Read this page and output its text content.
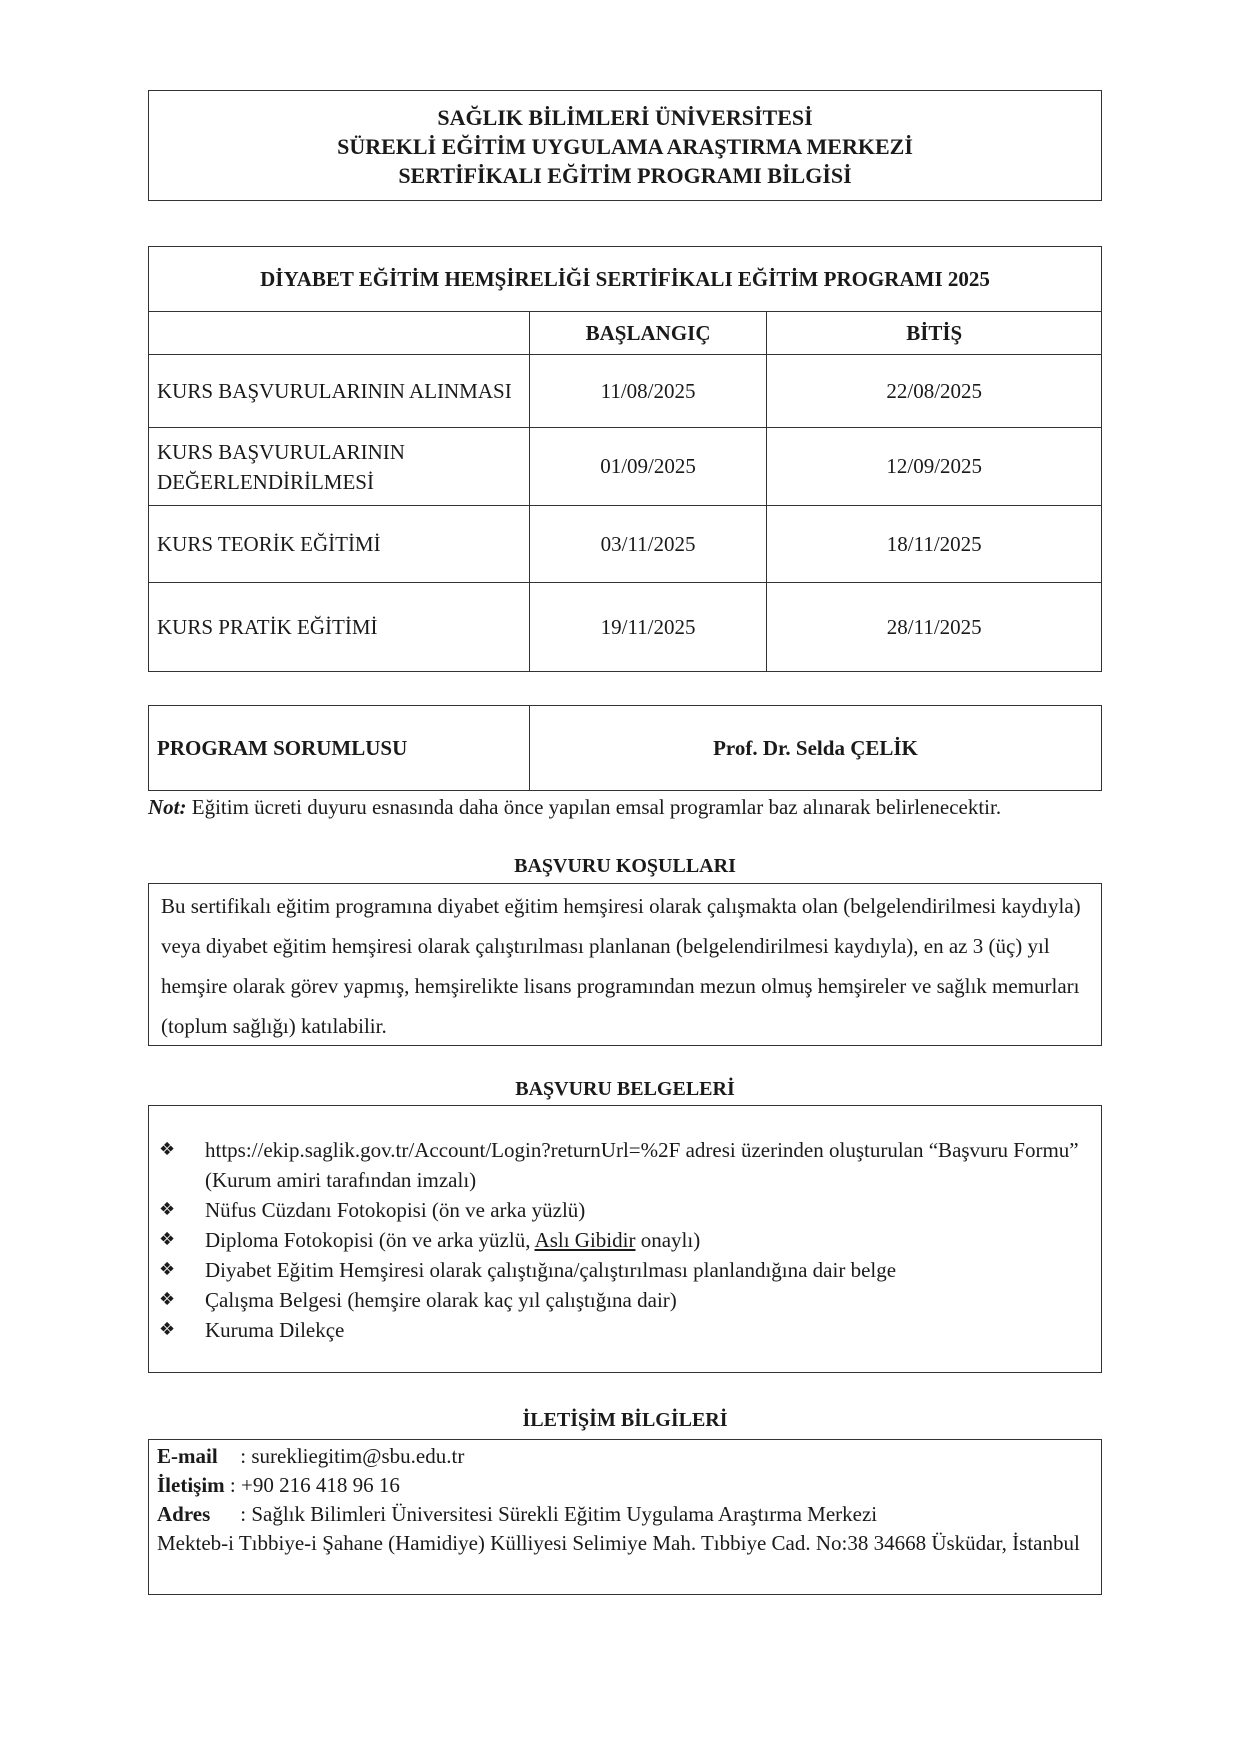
SAĞLIK BİLİMLERİ ÜNİVERSİTESİ
SÜREKLİ EĞİTİM UYGULAMA ARAŞTIRMA MERKEZİ
SERTİFİKALI EĞİTİM PROGRAMI BİLGİSİ
DİYABET EĞİTİM HEMŞİRELİĞİ SERTİFİKALI EĞİTİM PROGRAMI 2025		
	BAŞLANGIÇ	BİTİŞ
KURS BAŞVURULARININ ALINMASI	11/08/2025	22/08/2025
KURS BAŞVURULARININ DEĞERLENDİRİLMESİ	01/09/2025	12/09/2025
KURS TEORİK EĞİTİMİ	03/11/2025	18/11/2025
KURS PRATİK EĞİTİMİ	19/11/2025	28/11/2025
PROGRAM SORUMLUSU	Prof. Dr. Selda ÇELİK
Not: Eğitim ücreti duyuru esnasında daha önce yapılan emsal programlar baz alınarak belirlenecektir.
BAŞVURU KOŞULLARI
Bu sertifikalı eğitim programına diyabet eğitim hemşiresi olarak çalışmakta olan (belgelendirilmesi kaydıyla) veya diyabet eğitim hemşiresi olarak çalıştırılması planlanan (belgelendirilmesi kaydıyla), en az 3 (üç) yıl hemşire olarak görev yapmış, hemşirelikte lisans programından mezun olmuş hemşireler ve sağlık memurları (toplum sağlığı) katılabilir.
BAŞVURU BELGELERİ
❖ https://ekip.saglik.gov.tr/Account/Login?returnUrl=%2F adresi üzerinden oluşturulan “Başvuru Formu” (Kurum amiri tarafından imzalı)
❖ Nüfus Cüzdanı Fotokopisi (ön ve arka yüzlü)
❖ Diploma Fotokopisi (ön ve arka yüzlü, Aslı Gibidir onaylı)
❖ Diyabet Eğitim Hemşiresi olarak çalıştığına/çalıştırılması planlandığına dair belge
❖ Çalışma Belgesi (hemşire olarak kaç yıl çalıştığına dair)
❖ Kuruma Dilekçe
İLETİŞİM BİLGİLERİ
E-mail : surekliegitim@sbu.edu.tr
İletişim : +90 216 418 96 16
Adres : Sağlık Bilimleri Üniversitesi Sürekli Eğitim Uygulama Araştırma Merkezi
Mekteb-i Tıbbiye-i Şahane (Hamidiye) Külliyesi Selimiye Mah. Tıbbiye Cad. No:38 34668 Üsküdar, İstanbul
